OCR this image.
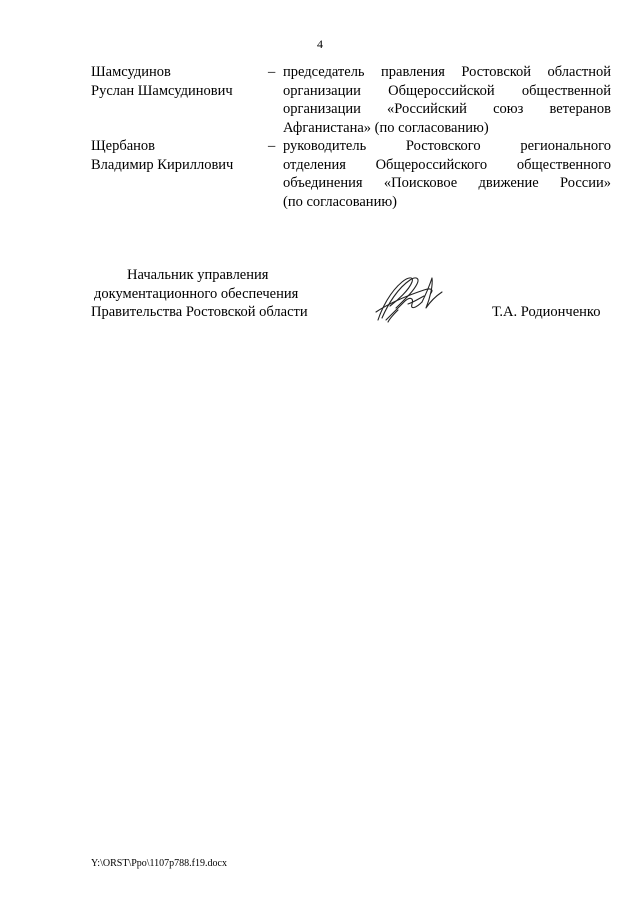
4
Шамсудинов
Руслан Шамсудинович
– председатель правления Ростовской областной
организации Общероссийской общественной
организации «Российский союз ветеранов
Афганистана» (по согласованию)
Щербанов
Владимир Кириллович
– руководитель Ростовского регионального
отделения Общероссийского общественного
объединения «Поисковое движение России»
(по согласованию)
Начальник управления
документационного обеспечения
Правительства Ростовской области	Т.А. Родионченко
Y:\ORST\Ppo\1107p788.f19.docx
